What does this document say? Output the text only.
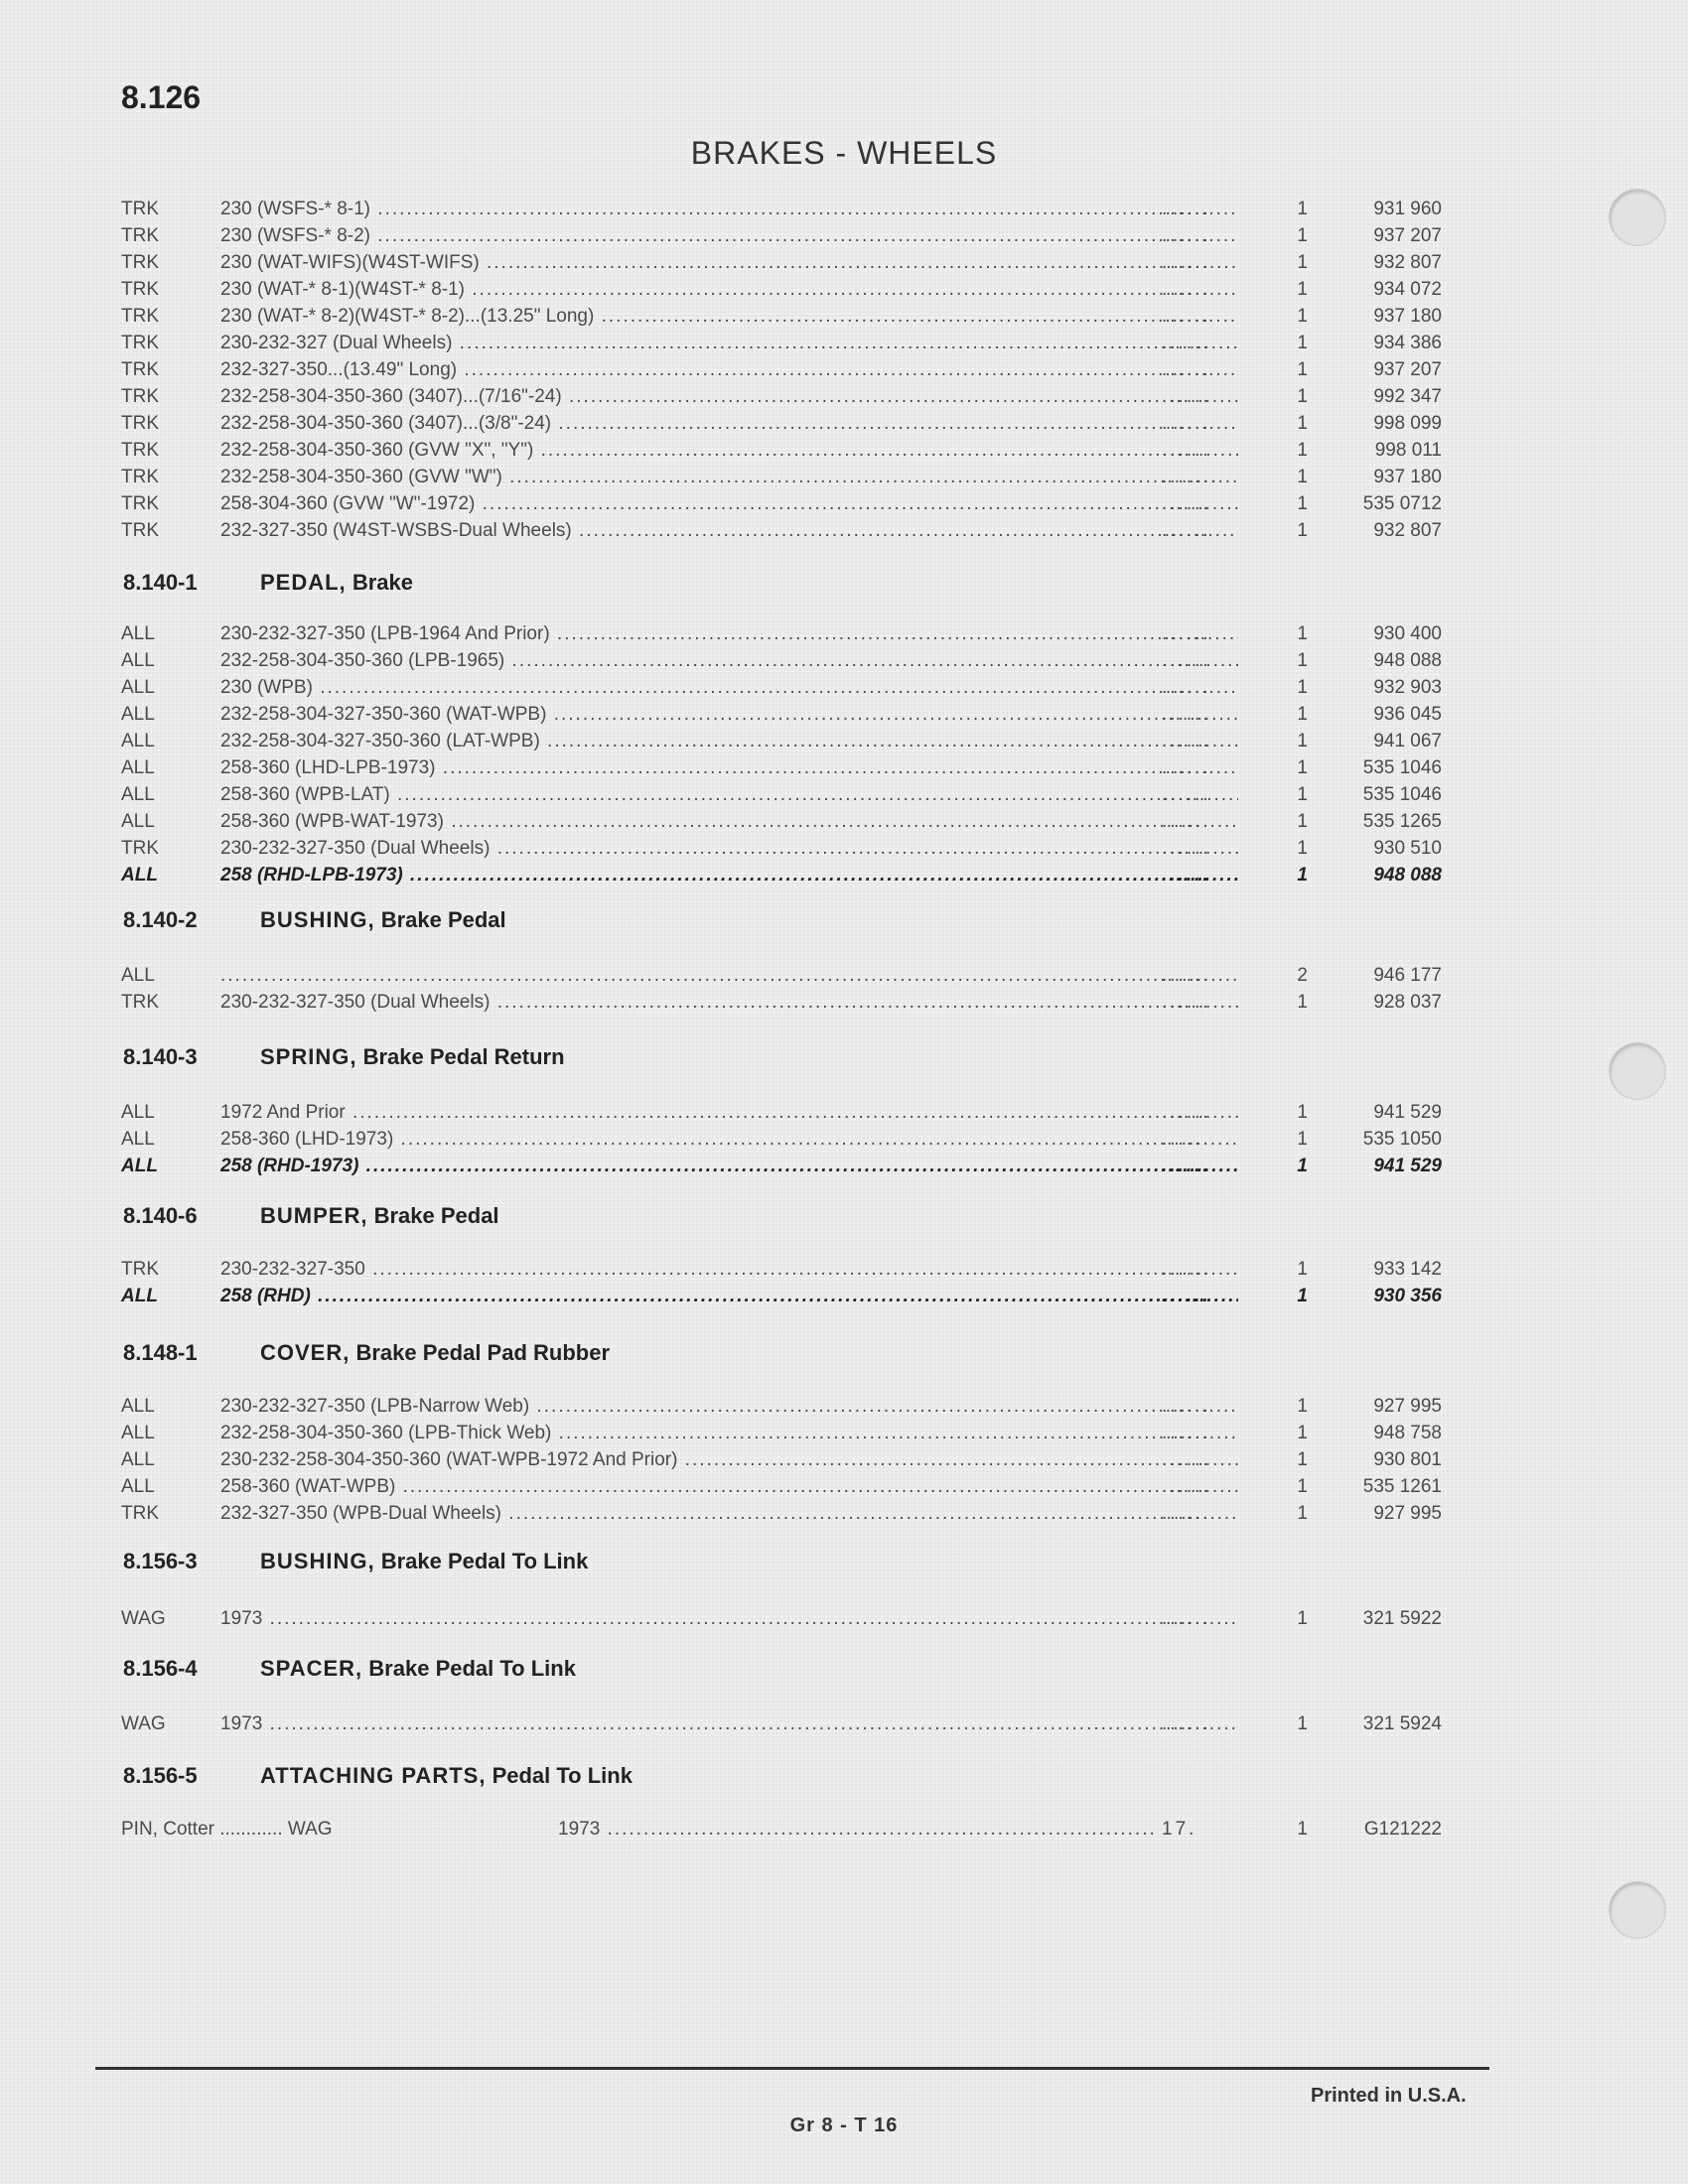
8.126
BRAKES - WHEELS
TRK	230 (WSFS-* 8-1) .....	......	1	931 960
TRK	230 (WSFS-* 8-2) .....	......	1	937 207
TRK	230 (WAT-WIFS)(W4ST-WIFS) .....	......	1	932 807
TRK	230 (WAT-* 8-1)(W4ST-* 8-1) .....	......	1	934 072
TRK	230 (WAT-* 8-2)(W4ST-* 8-2)...(13.25" Long) .....	......	1	937 180
TRK	230-232-327 (Dual Wheels) .....	......	1	934 386
TRK	232-327-350...(13.49" Long) .....	......	1	937 207
TRK	232-258-304-350-360 (3407)...(7/16"-24) .....	......	1	992 347
TRK	232-258-304-350-360 (3407)...(3/8"-24) .....	......	1	998 099
TRK	232-258-304-350-360 (GVW "X", "Y") .....	......	1	998 011
TRK	232-258-304-350-360 (GVW "W") .....	.......	1	937 180
TRK	258-304-360 (GVW "W"-1972) .....	......	1	535 0712
TRK	232-327-350 (W4ST-WSBS-Dual Wheels) .....	......	1	932 807
8.140-1	PEDAL, Brake
ALL	230-232-327-350 (LPB-1964 And Prior) .....	......	1	930 400
ALL	232-258-304-350-360 (LPB-1965) .....	......	1	948 088
ALL	230 (WPB) .....	......	1	932 903
ALL	232-258-304-327-350-360 (WAT-WPB) .....	......	1	936 045
ALL	232-258-304-327-350-360 (LAT-WPB) .....	......	1	941 067
ALL	258-360 (LHD-LPB-1973) .....	......	1	535 1046
ALL	258-360 (WPB-LAT) .....	......	1	535 1046
ALL	258-360 (WPB-WAT-1973) .....	......	1	535 1265
TRK	230-232-327-350 (Dual Wheels) .....	......	1	930 510
ALL	258 (RHD-LPB-1973) .....	......	1	948 088
8.140-2	BUSHING, Brake Pedal
ALL
.....	......	2	946 177
TRK	230-232-327-350 (Dual Wheels) .....	......	1	928 037
8.140-3	SPRING, Brake Pedal Return
ALL	1972 And Prior .....	......	1	941 529
ALL	258-360 (LHD-1973) .....	......	1	535 1050
ALL	258 (RHD-1973) .....	......	1	941 529
8.140-6	BUMPER, Brake Pedal
TRK	230-232-327-350 .....	......	1	933 142
ALL	258 (RHD) .....	......	1	930 356
8.148-1	COVER, Brake Pedal Pad Rubber
ALL	230-232-327-350 (LPB-Narrow Web) .....	......	1	927 995
ALL	232-258-304-350-360 (LPB-Thick Web) .....	......	1	948 758
ALL	230-232-258-304-350-360 (WAT-WPB-1972 And Prior) .....	......	1	930 801
ALL	258-360 (WAT-WPB) .....	......	1	535 1261
TRK	232-327-350 (WPB-Dual Wheels) .....	......	1	927 995
8.156-3	BUSHING, Brake Pedal To Link
WAG	1973 .....	......	1	321 5922
8.156-4	SPACER, Brake Pedal To Link
WAG	1973 .....	......	1	321 5924
8.156-5	ATTACHING PARTS, Pedal To Link
PIN, Cotter ............ WAG	1973 .....	17.	1	G121222
Printed in U.S.A.
Gr 8 - T 16
